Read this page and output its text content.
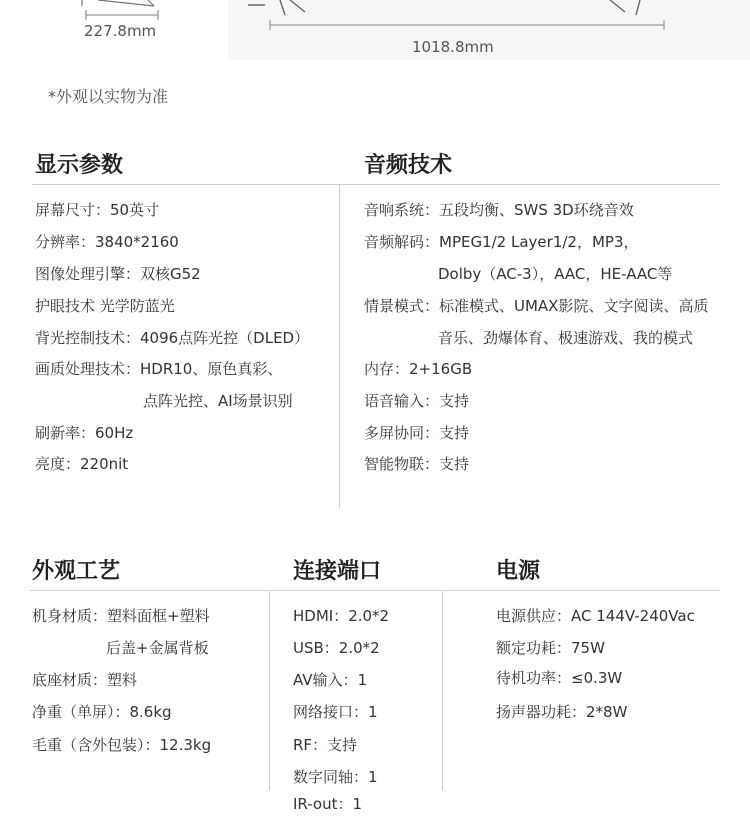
227.8mm
1018.8mm
*外观以实物为准
显示参数	音频技术
屏幕尺寸：50英寸
分辨率：3840*2160
图像处理引擎：双核G52
护眼技术 光学防蓝光
背光控制技术：4096点阵光控（DLED）
画质处理技术：HDR10、原色真彩、
点阵光控、AI场景识别
刷新率：60Hz
亮度：220nit
音响系统：五段均衡、SWS 3D环绕音效
音频解码：MPEG1/2 Layer1/2，MP3，
Dolby（AC-3），AAC，HE-AAC等
情景模式：标准模式、UMAX影院、文字阅读、高质
音乐、劲爆体育、极速游戏、我的模式
内存：2+16GB
语音输入：支持
多屏协同：支持
智能物联：支持
外观工艺	连接端口	电源
机身材质：塑料面框+塑料
后盖+金属背板
底座材质：塑料
净重（单屏）：8.6kg
毛重（含外包装）：12.3kg
HDMI：2.0*2
USB：2.0*2
AV输入：1
网络接口：1
RF：支持
数字同轴：1
IR-out：1
电源供应：AC 144V-240Vac
额定功耗：75W
待机功率：≤0.3W
扬声器功耗：2*8W
